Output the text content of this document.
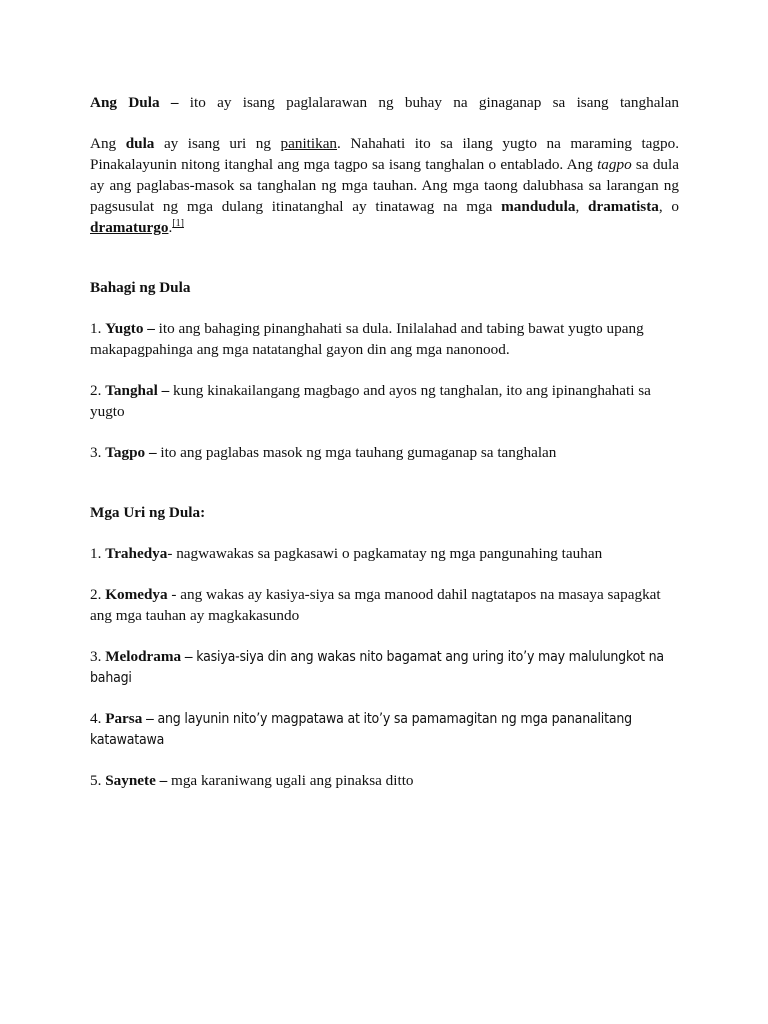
Ang Dula – ito ay isang paglalarawan ng buhay na ginaganap sa isang tanghalan
Ang dula ay isang uri ng panitikan. Nahahati ito sa ilang yugto na maraming tagpo.
Pinakalayunin nitong itanghal ang mga tagpo sa isang tanghalan o entablado. Ang tagpo sa dula
ay ang paglabas-masok sa tanghalan ng mga tauhan. Ang mga taong dalubhasa sa larangan ng
pagsusulat ng mga dulang itinatanghal ay tinatawag na mga mandudula, dramatista, o
dramaturgo.[1]
Bahagi ng Dula
1. Yugto – ito ang bahaging pinanghahati sa dula. Inilalahad and tabing bawat yugto upang
makapagpahinga ang mga natatanghal gayon din ang mga nanonood.
2. Tanghal – kung kinakailangang magbago and ayos ng tanghalan, ito ang ipinanghahati sa
yugto
3. Tagpo – ito ang paglabas masok ng mga tauhang gumaganap sa tanghalan
Mga Uri ng Dula:
1. Trahedya- nagwawakas sa pagkasawi o pagkamatay ng mga pangunahing tauhan
2. Komedya - ang wakas ay kasiya-siya sa mga manood dahil nagtatapos na masaya sapagkat
ang mga tauhan ay magkakasundo
3. Melodrama – kasiya-siya din ang wakas nito bagamat ang uring ito’y may malulungkot na
bahagi
4. Parsa – ang layunin nito’y magpatawa at ito’y sa pamamagitan ng mga pananalitang
katawatawa
5. Saynete – mga karaniwang ugali ang pinaksa ditto
